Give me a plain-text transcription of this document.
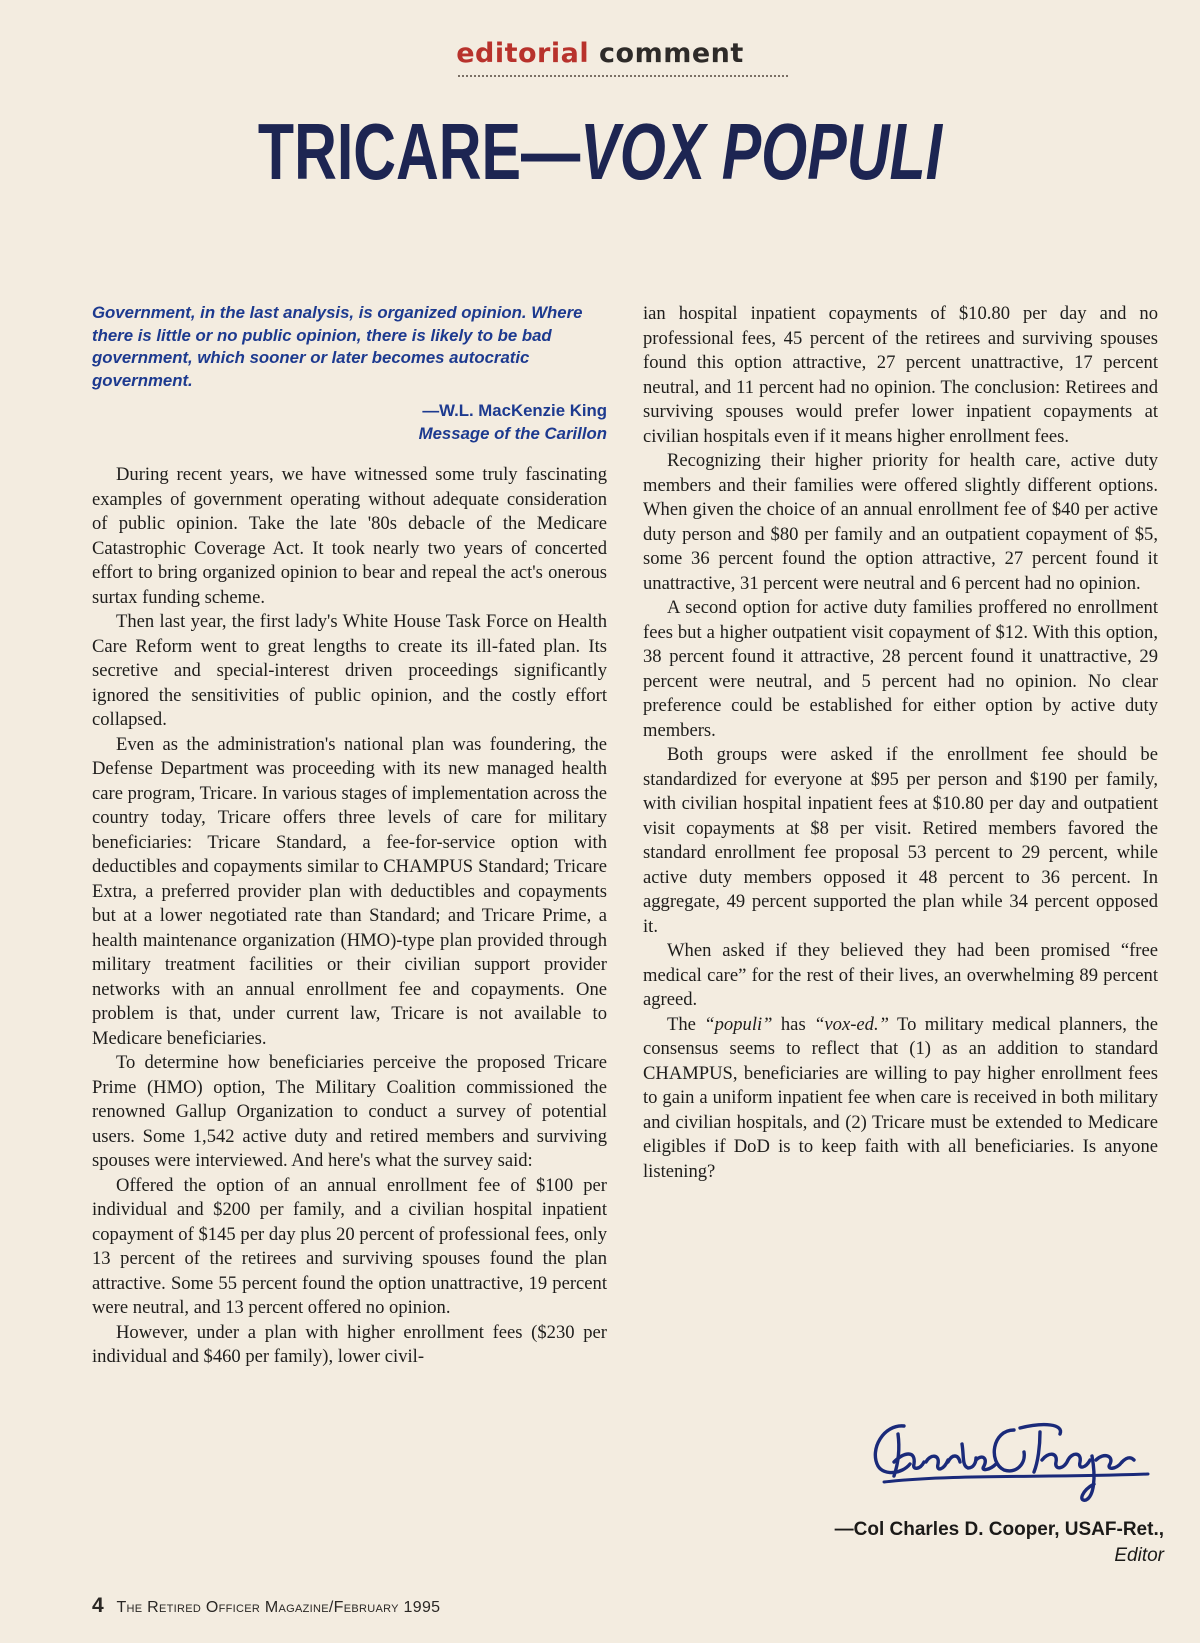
editorial comment
TRICARE—VOX POPULI
Government, in the last analysis, is organized opinion. Where there is little or no public opinion, there is likely to be bad government, which sooner or later becomes autocratic government.
—W.L. MacKenzie King
Message of the Carillon

During recent years, we have witnessed some truly fascinating examples of government operating without adequate consideration of public opinion. Take the late '80s debacle of the Medicare Catastrophic Coverage Act. It took nearly two years of concerted effort to bring organized opinion to bear and repeal the act's onerous surtax funding scheme.

Then last year, the first lady's White House Task Force on Health Care Reform went to great lengths to create its ill-fated plan. Its secretive and special-interest driven proceedings significantly ignored the sensitivities of public opinion, and the costly effort collapsed.

Even as the administration's national plan was foundering, the Defense Department was proceeding with its new managed health care program, Tricare. In various stages of implementation across the country today, Tricare offers three levels of care for military beneficiaries: Tricare Standard, a fee-for-service option with deductibles and copayments similar to CHAMPUS Standard; Tricare Extra, a preferred provider plan with deductibles and copayments but at a lower negotiated rate than Standard; and Tricare Prime, a health maintenance organization (HMO)-type plan provided through military treatment facilities or their civilian support provider networks with an annual enrollment fee and copayments. One problem is that, under current law, Tricare is not available to Medicare beneficiaries.

To determine how beneficiaries perceive the proposed Tricare Prime (HMO) option, The Military Coalition commissioned the renowned Gallup Organization to conduct a survey of potential users. Some 1,542 active duty and retired members and surviving spouses were interviewed. And here's what the survey said:

Offered the option of an annual enrollment fee of $100 per individual and $200 per family, and a civilian hospital inpatient copayment of $145 per day plus 20 percent of professional fees, only 13 percent of the retirees and surviving spouses found the plan attractive. Some 55 percent found the option unattractive, 19 percent were neutral, and 13 percent offered no opinion.

However, under a plan with higher enrollment fees ($230 per individual and $460 per family), lower civil-

ian hospital inpatient copayments of $10.80 per day and no professional fees, 45 percent of the retirees and surviving spouses found this option attractive, 27 percent unattractive, 17 percent neutral, and 11 percent had no opinion. The conclusion: Retirees and surviving spouses would prefer lower inpatient copayments at civilian hospitals even if it means higher enrollment fees.

Recognizing their higher priority for health care, active duty members and their families were offered slightly different options. When given the choice of an annual enrollment fee of $40 per active duty person and $80 per family and an outpatient copayment of $5, some 36 percent found the option attractive, 27 percent found it unattractive, 31 percent were neutral and 6 percent had no opinion.

A second option for active duty families proffered no enrollment fees but a higher outpatient visit copayment of $12. With this option, 38 percent found it attractive, 28 percent found it unattractive, 29 percent were neutral, and 5 percent had no opinion. No clear preference could be established for either option by active duty members.

Both groups were asked if the enrollment fee should be standardized for everyone at $95 per person and $190 per family, with civilian hospital inpatient fees at $10.80 per day and outpatient visit copayments at $8 per visit. Retired members favored the standard enrollment fee proposal 53 percent to 29 percent, while active duty members opposed it 48 percent to 36 percent. In aggregate, 49 percent supported the plan while 34 percent opposed it.

When asked if they believed they had been promised “free medical care” for the rest of their lives, an overwhelming 89 percent agreed.

The “populi” has “vox-ed.” To military medical planners, the consensus seems to reflect that (1) as an addition to standard CHAMPUS, beneficiaries are willing to pay higher enrollment fees to gain a uniform inpatient fee when care is received in both military and civilian hospitals, and (2) Tricare must be extended to Medicare eligibles if DoD is to keep faith with all beneficiaries. Is anyone listening?

—Col Charles D. Cooper, USAF-Ret.,
Editor
4 The Retired Officer Magazine/February 1995
